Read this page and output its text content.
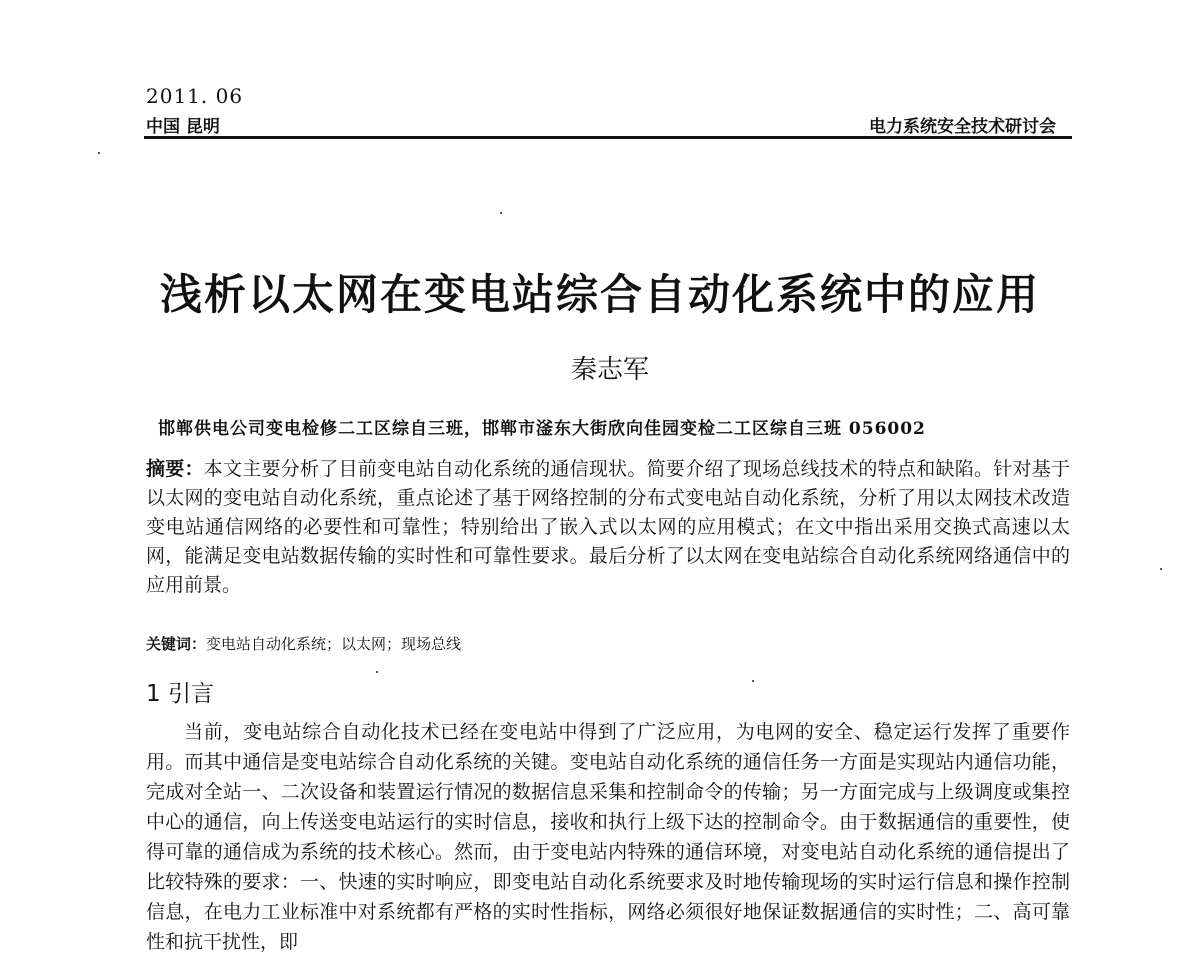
2011. 06
中国 昆明	电力系统安全技术研讨会
浅析以太网在变电站综合自动化系统中的应用
秦志军
邯郸供电公司变电检修二工区综自三班，邯郸市滏东大街欣向佳园变检二工区综自三班 056002
摘要：本文主要分析了目前变电站自动化系统的通信现状。简要介绍了现场总线技术的特点和缺陷。针对基于以太网的变电站自动化系统，重点论述了基于网络控制的分布式变电站自动化系统，分析了用以太网技术改造变电站通信网络的必要性和可靠性；特别给出了嵌入式以太网的应用模式；在文中指出采用交换式高速以太网，能满足变电站数据传输的实时性和可靠性要求。最后分析了以太网在变电站综合自动化系统网络通信中的应用前景。
关键词：变电站自动化系统；以太网；现场总线
1 引言
当前，变电站综合自动化技术已经在变电站中得到了广泛应用，为电网的安全、稳定运行发挥了重要作用。而其中通信是变电站综合自动化系统的关键。变电站自动化系统的通信任务一方面是实现站内通信功能，完成对全站一、二次设备和装置运行情况的数据信息采集和控制命令的传输；另一方面完成与上级调度或集控中心的通信，向上传送变电站运行的实时信息，接收和执行上级下达的控制命令。由于数据通信的重要性，使得可靠的通信成为系统的技术核心。然而，由于变电站内特殊的通信环境，对变电站自动化系统的通信提出了比较特殊的要求：一、快速的实时响应，即变电站自动化系统要求及时地传输现场的实时运行信息和操作控制信息，在电力工业标准中对系统都有严格的实时性指标，网络必须很好地保证数据通信的实时性；二、高可靠性和抗干扰性，即
